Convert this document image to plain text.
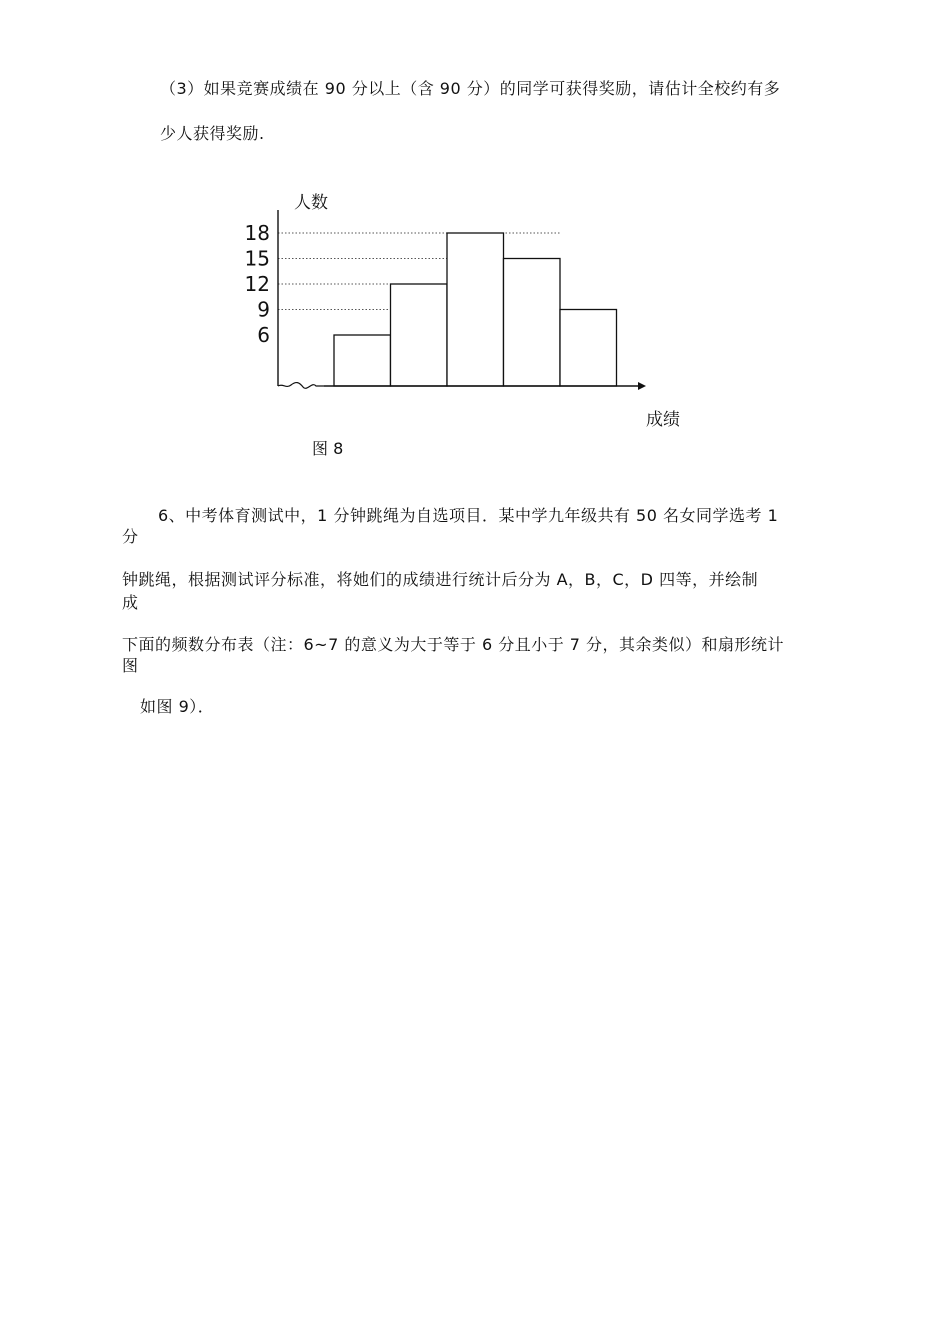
（3）如果竞赛成绩在 90 分以上（含 90 分）的同学可获得奖励，请估计全校约有多
少人获得奖励.
6
9
12
15
18
人数
成绩
图 8
6、中考体育测试中，1 分钟跳绳为自选项目．某中学九年级共有 50 名女同学选考 1
分
钟跳绳，根据测试评分标准，将她们的成绩进行统计后分为 A，B，C，D 四等，并绘制
成
下面的频数分布表（注：6~7 的意义为大于等于 6 分且小于 7 分，其余类似）和扇形统计
图
如图 9）．
